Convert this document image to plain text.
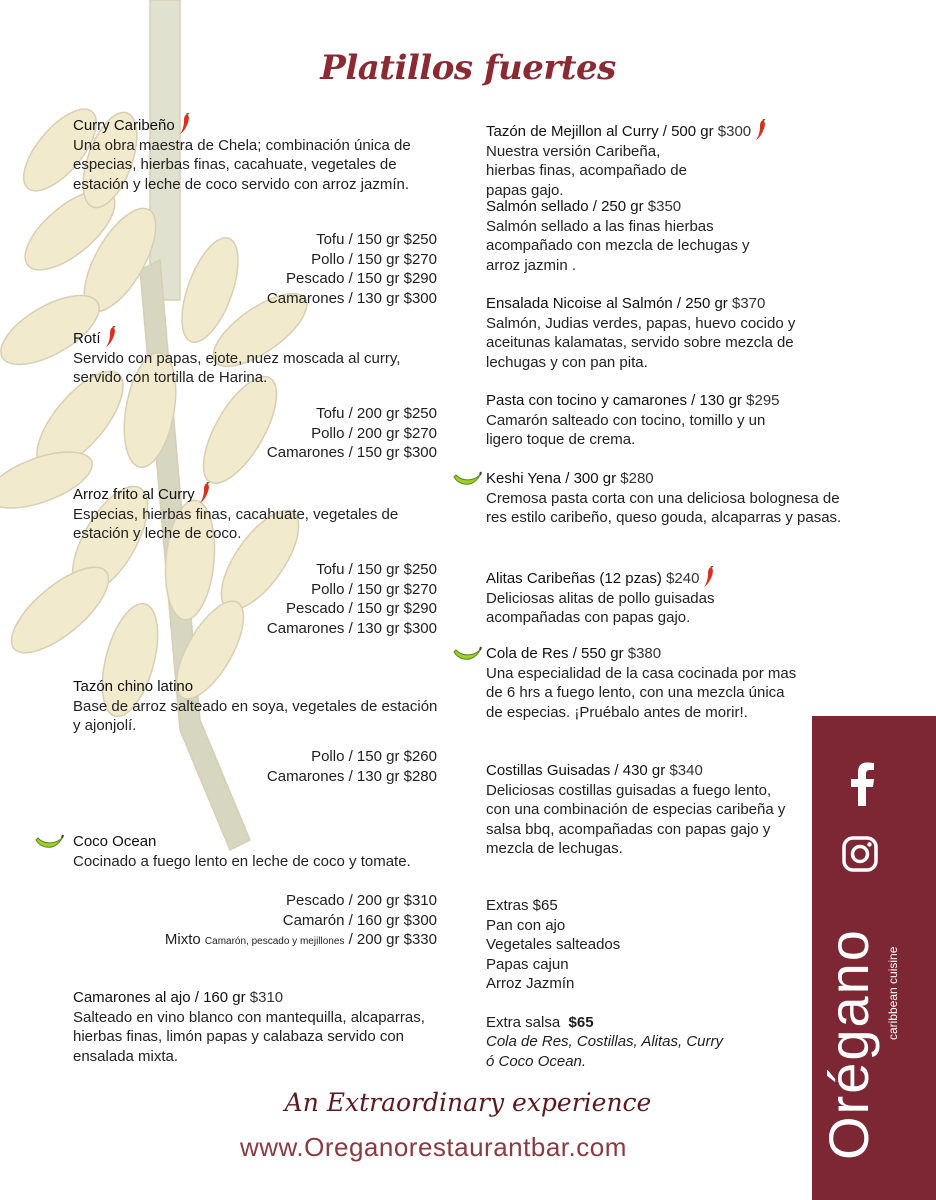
Platillos fuertes
Curry Caribeño
Una obra maestra de Chela; combinación única de especias, hierbas finas, cacahuate, vegetales de estación y leche de coco servido con arroz jazmín.
Tofu / 150 gr $250
Pollo / 150 gr $270
Pescado / 150 gr $290
Camarones / 130 gr $300
Rotí
Servido con papas, ejote, nuez moscada al curry, servido con tortilla de Harina.
Tofu / 200 gr $250
Pollo / 200 gr $270
Camarones / 150 gr $300
Arroz frito al Curry
Especias, hierbas finas, cacahuate, vegetales de estación y leche de coco.
Tofu / 150 gr $250
Pollo / 150 gr $270
Pescado / 150 gr $290
Camarones / 130 gr $300
Tazón chino latino
Base de arroz salteado en soya, vegetales de estación y ajonjolí.
Pollo / 150 gr $260
Camarones / 130 gr $280
Coco Ocean
Cocinado a fuego lento en leche de coco y tomate.
Pescado / 200 gr $310
Camarón / 160 gr $300
Mixto Camarón, pescado y mejillones / 200 gr $330
Camarones al ajo / 160 gr $310
Salteado en vino blanco con mantequilla, alcaparras, hierbas finas, limón papas y calabaza servido con ensalada mixta.
Tazón de Mejillon al Curry / 500 gr $300
Nuestra versión Caribeña, hierbas finas, acompañado de papas gajo.
Salmón sellado / 250 gr $350
Salmón sellado a las finas hierbas acompañado con mezcla de lechugas y arroz jazmin .
Ensalada Nicoise al Salmón / 250 gr $370
Salmón, Judias verdes, papas, huevo cocido y aceitunas kalamatas, servido sobre mezcla de lechugas y con pan pita.
Pasta con tocino y camarones / 130 gr $295
Camarón salteado con tocino, tomillo y un ligero toque de crema.
Keshi Yena / 300 gr $280
Cremosa pasta corta con una deliciosa bolognesa de res estilo caribeño, queso gouda, alcaparras y pasas.
Alitas Caribeñas (12 pzas) $240
Deliciosas alitas de pollo guisadas acompañadas con papas gajo.
Cola de Res / 550 gr $380
Una especialidad de la casa cocinada por mas de 6 hrs a fuego lento, con una mezcla única de especias. ¡Pruébalo antes de morir!.
Costillas Guisadas / 430 gr $340
Deliciosas costillas guisadas a fuego lento, con una combinación de especias caribeña y salsa bbq, acompañadas con papas gajo y mezcla de lechugas.
Extras $65
Pan con ajo
Vegetales salteados
Papas cajun
Arroz Jazmín
Extra salsa $65
Cola de Res, Costillas, Alitas, Curry
ó Coco Ocean.
An Extraordinary experience
www.Oreganorestaurantbar.com	Orégano caribbean cuisine
